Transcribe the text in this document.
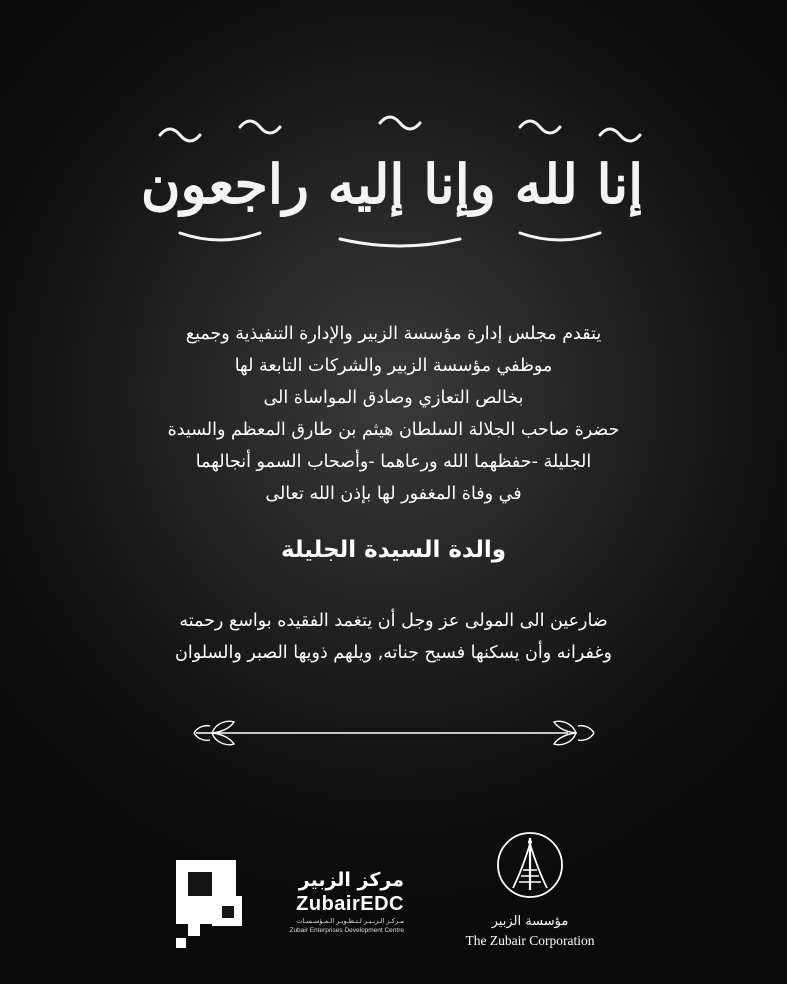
إنا لله وإنا إليه راجعون

يتقدم مجلس إدارة مؤسسة الزبير والإدارة التنفيذية وجميع
موظفي مؤسسة الزبير والشركات التابعة لها
بخالص التعازي وصادق المواساة الى
حضرة صاحب الجلالة السلطان هيثم بن طارق المعظم والسيدة
الجليلة -حفظهما الله ورعاهما -وأصحاب السمو أنجالهما
في وفاة المغفور لها بإذن الله تعالى

والدة السيدة الجليلة

ضارعين الى المولى عز وجل أن يتغمد الفقيده بواسع رحمته
وغفرانه وأن يسكنها فسيح جناته, ويلهم ذويها الصبر والسلوان

مركز الزبير
ZubairEDC
مـركـز الـزبـيـر لـتـطـويـر الـمـؤسـسـات
Zubair Enterprises Development Centre
مؤسسة الزبير
The Zubair Corporation
